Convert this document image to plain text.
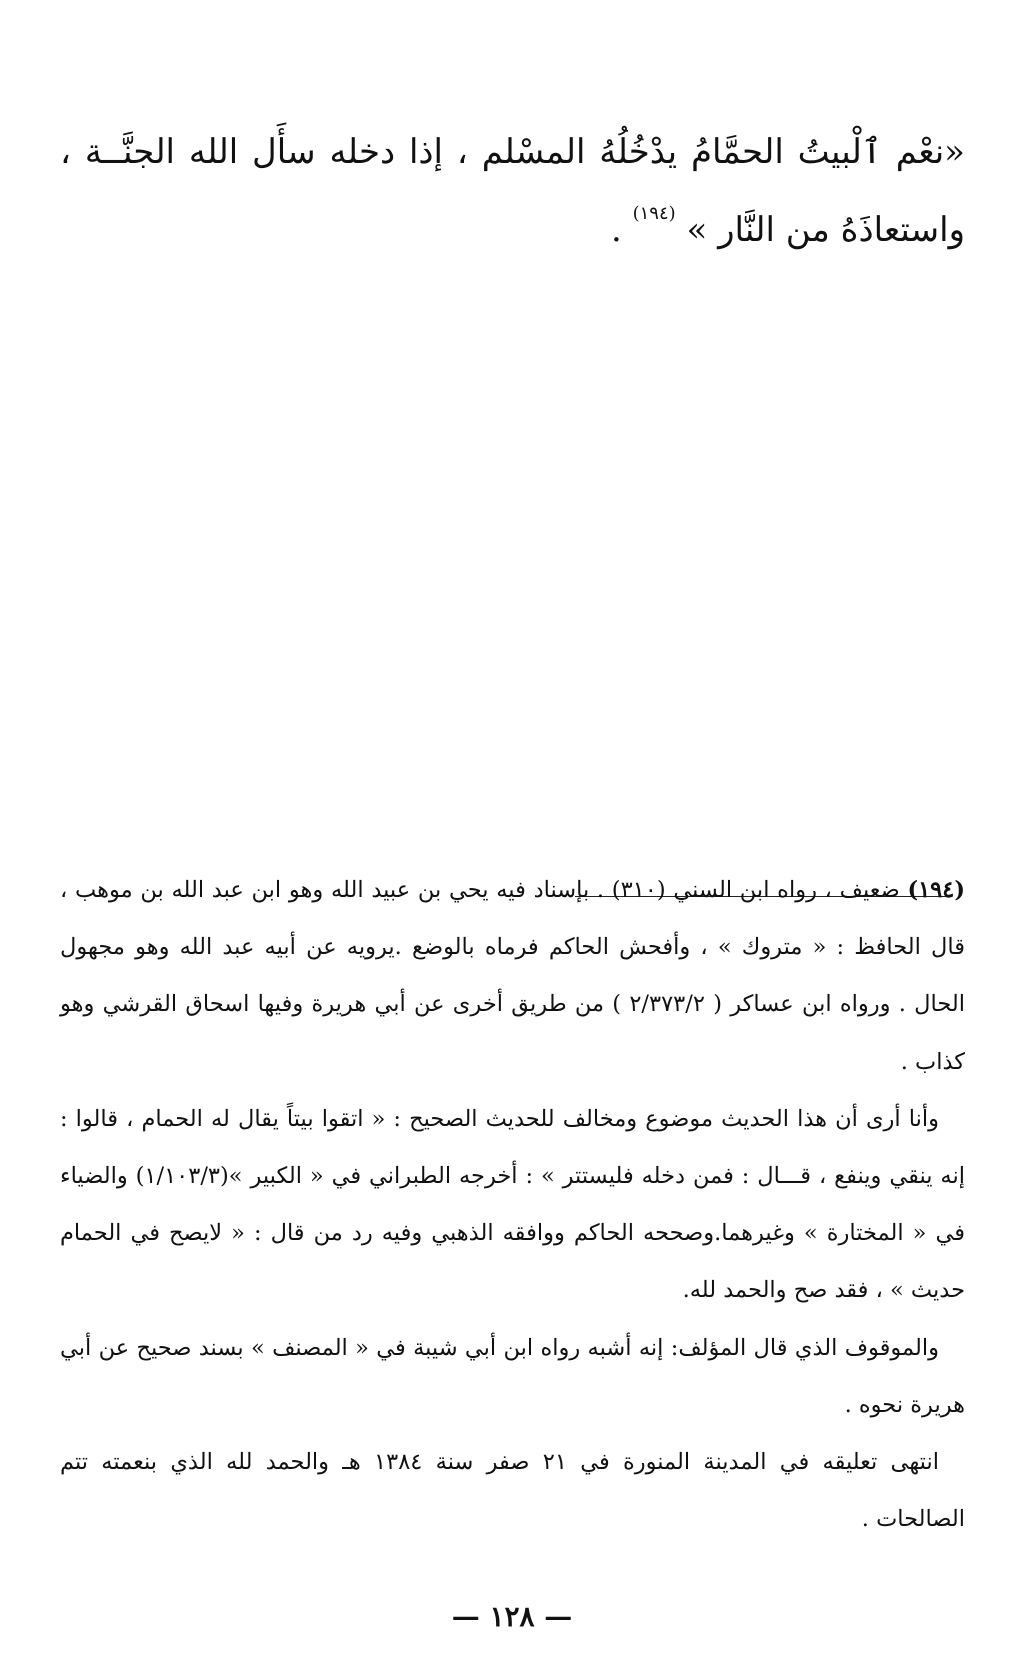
«نعْم ٱلْبيتُ الحمَّامُ يدْخُلُهُ المسْلم ، إذا دخله سأَل الله الجنَّــة ،
واستعاذَهُ من النَّار » $^{(١٩٤)}$ .

(١٩٤) ضعيف ، رواه ابن السني (٣١٠) . بإسناد فيه يحي بن عبيد الله وهو ابن عبد الله بن موهب ، قال الحافظ : « متروك » ، وأفحش الحاكم فرماه بالوضع .يرويه عن أبيه عبد الله وهو مجهول الحال . ورواه ابن عساكر ( ٢/٣٧٣/٢ ) من طريق أخرى عن أبي هريرة وفيها اسحاق القرشي وهو كذاب .

وأنا أرى أن هذا الحديث موضوع ومخالف للحديث الصحيح : « اتقوا بيتاً يقال له الحمام ، قالوا : إنه ينقي وينفع ، قـــال : فمن دخله فليستتر » : أخرجه الطبراني في « الكبير »(١/١٠٣/٣) والضياء في « المختارة » وغيرهما.وصححه الحاكم ووافقه الذهبي وفيه رد من قال : « لايصح في الحمام حديث » ، فقد صح والحمد لله.

والموقوف الذي قال المؤلف: إنه أشبه رواه ابن أبي شيبة في « المصنف » بسند صحيح عن أبي هريرة نحوه .

انتهى تعليقه في المدينة المنورة في ٢١ صفر سنة ١٣٨٤ هـ والحمد لله الذي بنعمته تتم الصالحات .

— ١٢٨ —
